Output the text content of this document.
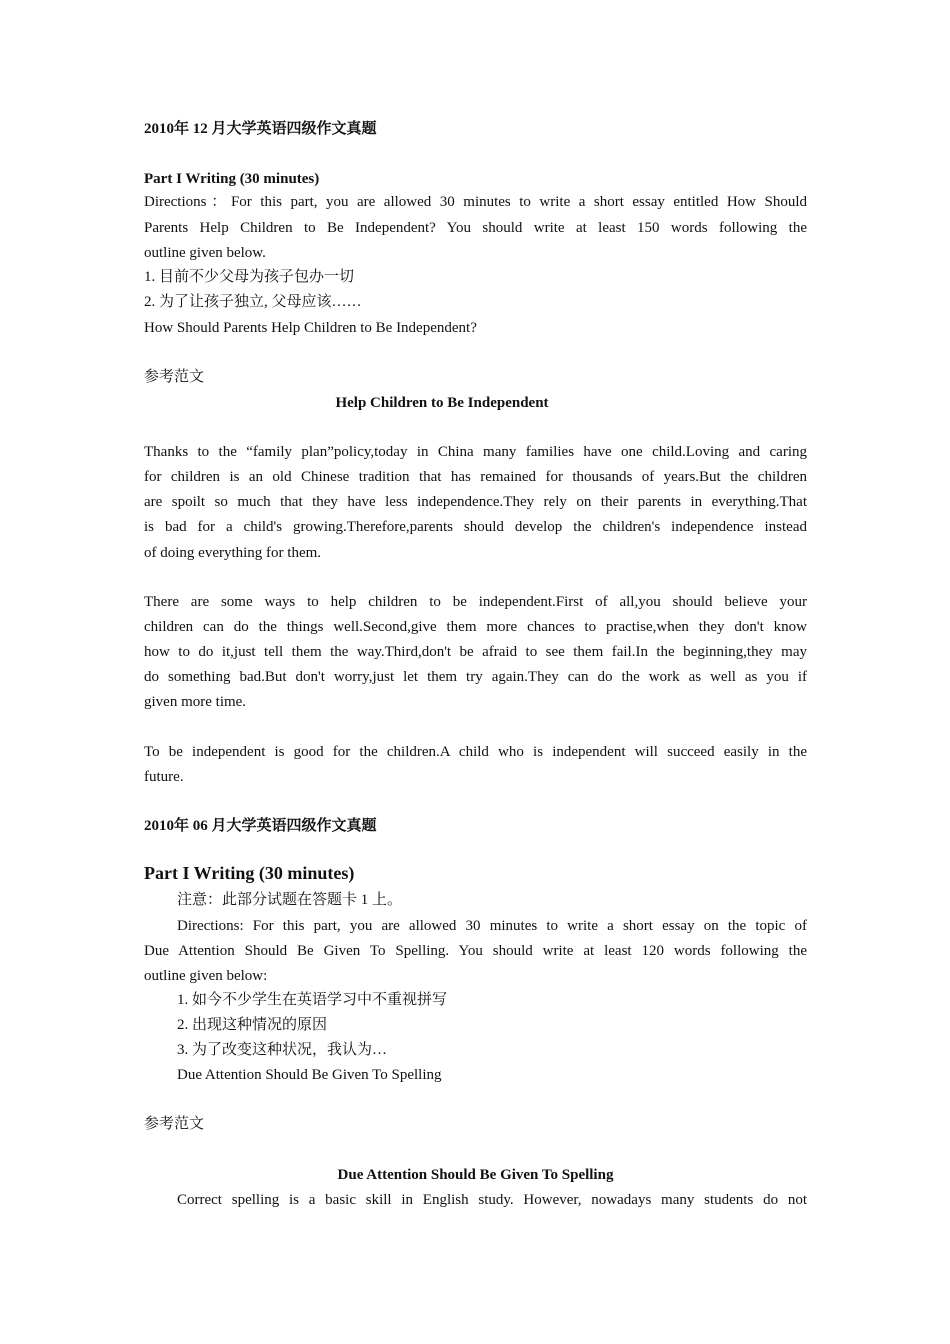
2010年 12 月大学英语四级作文真题
Part I Writing (30 minutes)
Directions：For this part, you are allowed 30 minutes to write a short essay entitled How Should
Parents Help Children to Be Independent? You should write at least 150 words following the
outline given below.
1. 目前不少父母为孩子包办一切
2. 为了让孩子独立, 父母应该……
How Should Parents Help Children to Be Independent?
参考范文
Help Children to Be Independent
Thanks to the “family plan”policy,today in China many families have one child.Loving and caring
for children is an old Chinese tradition that has remained for thousands of years.But the children
are spoilt so much that they have less independence.They rely on their parents in everything.That
is bad for a child's growing.Therefore,parents should develop the children's independence instead
of doing everything for them.
There are some ways to help children to be independent.First of all,you should believe your
children can do the things well.Second,give them more chances to practise,when they don't know
how to do it,just tell them the way.Third,don't be afraid to see them fail.In the beginning,they may
do something bad.But don't worry,just let them try again.They can do the work as well as you if
given more time.
To be independent is good for the children.A child who is independent will succeed easily in the
future.
2010年 06 月大学英语四级作文真题
Part I Writing (30 minutes)
注意：此部分试题在答题卡 1 上。
Directions: For this part, you are allowed 30 minutes to write a short essay on the topic of
Due Attention Should Be Given To Spelling. You should write at least 120 words following the
outline given below:
1. 如今不少学生在英语学习中不重视拼写
2. 出现这种情况的原因
3. 为了改变这种状况，我认为…
Due Attention Should Be Given To Spelling
参考范文
Due Attention Should Be Given To Spelling
Correct spelling is a basic skill in English study. However, nowadays many students do not
